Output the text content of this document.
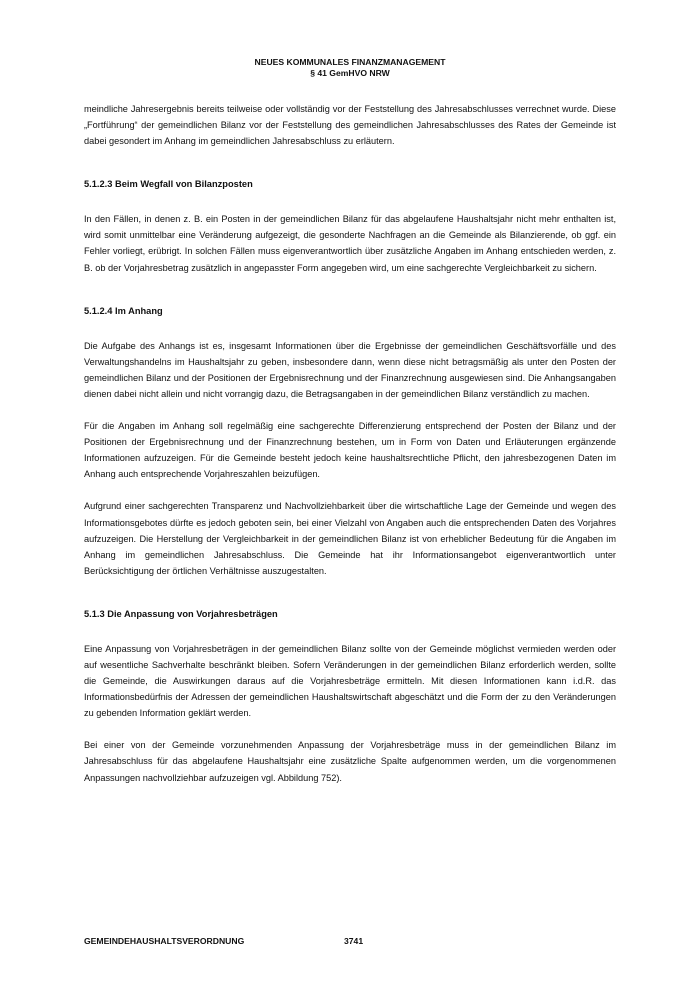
NEUES KOMMUNALES FINANZMANAGEMENT
§ 41 GemHVO NRW

meindliche Jahresergebnis bereits teilweise oder vollständig vor der Feststellung des Jahresabschlusses verrechnet wurde. Diese „Fortführung“ der gemeindlichen Bilanz vor der Feststellung des gemeindlichen Jahresabschlusses des Rates der Gemeinde ist dabei gesondert im Anhang im gemeindlichen Jahresabschluss zu erläutern.

5.1.2.3 Beim Wegfall von Bilanzposten

In den Fällen, in denen z. B. ein Posten in der gemeindlichen Bilanz für das abgelaufene Haushaltsjahr nicht mehr enthalten ist, wird somit unmittelbar eine Veränderung aufgezeigt, die gesonderte Nachfragen an die Gemeinde als Bilanzierende, ob ggf. ein Fehler vorliegt, erübrigt. In solchen Fällen muss eigenverantwortlich über zusätzliche Angaben im Anhang entschieden werden, z. B. ob der Vorjahresbetrag zusätzlich in angepasster Form angegeben wird, um eine sachgerechte Vergleichbarkeit zu sichern.

5.1.2.4 Im Anhang

Die Aufgabe des Anhangs ist es, insgesamt Informationen über die Ergebnisse der gemeindlichen Geschäftsvorfälle und des Verwaltungshandelns im Haushaltsjahr zu geben, insbesondere dann, wenn diese nicht betragsmäßig als unter den Posten der gemeindlichen Bilanz und der Positionen der Ergebnisrechnung und der Finanzrechnung ausgewiesen sind. Die Anhangsangaben dienen dabei nicht allein und nicht vorrangig dazu, die Betragsangaben in der gemeindlichen Bilanz verständlich zu machen.

Für die Angaben im Anhang soll regelmäßig eine sachgerechte Differenzierung entsprechend der Posten der Bilanz und der Positionen der Ergebnisrechnung und der Finanzrechnung bestehen, um in Form von Daten und Erläuterungen ergänzende Informationen aufzuzeigen. Für die Gemeinde besteht jedoch keine haushaltsrechtliche Pflicht, den jahresbezogenen Daten im Anhang auch entsprechende Vorjahreszahlen beizufügen.

Aufgrund einer sachgerechten Transparenz und Nachvollziehbarkeit über die wirtschaftliche Lage der Gemeinde und wegen des Informationsgebotes dürfte es jedoch geboten sein, bei einer Vielzahl von Angaben auch die entsprechenden Daten des Vorjahres aufzuzeigen. Die Herstellung der Vergleichbarkeit in der gemeindlichen Bilanz ist von erheblicher Bedeutung für die Angaben im Anhang im gemeindlichen Jahresabschluss. Die Gemeinde hat ihr Informationsangebot eigenverantwortlich unter Berücksichtigung der örtlichen Verhältnisse auszugestalten.

5.1.3 Die Anpassung von Vorjahresbeträgen

Eine Anpassung von Vorjahresbeträgen in der gemeindlichen Bilanz sollte von der Gemeinde möglichst vermieden werden oder auf wesentliche Sachverhalte beschränkt bleiben. Sofern Veränderungen in der gemeindlichen Bilanz erforderlich werden, sollte die Gemeinde, die Auswirkungen daraus auf die Vorjahresbeträge ermitteln. Mit diesen Informationen kann i.d.R. das Informationsbedürfnis der Adressen der gemeindlichen Haushaltswirtschaft abgeschätzt und die Form der zu den Veränderungen zu gebenden Information geklärt werden.

Bei einer von der Gemeinde vorzunehmenden Anpassung der Vorjahresbeträge muss in der gemeindlichen Bilanz im Jahresabschluss für das abgelaufene Haushaltsjahr eine zusätzliche Spalte aufgenommen werden, um die vorgenommenen Anpassungen nachvollziehbar aufzuzeigen vgl. Abbildung 752).

GEMEINDEHAUSHALTSVERORDNUNG	3741
